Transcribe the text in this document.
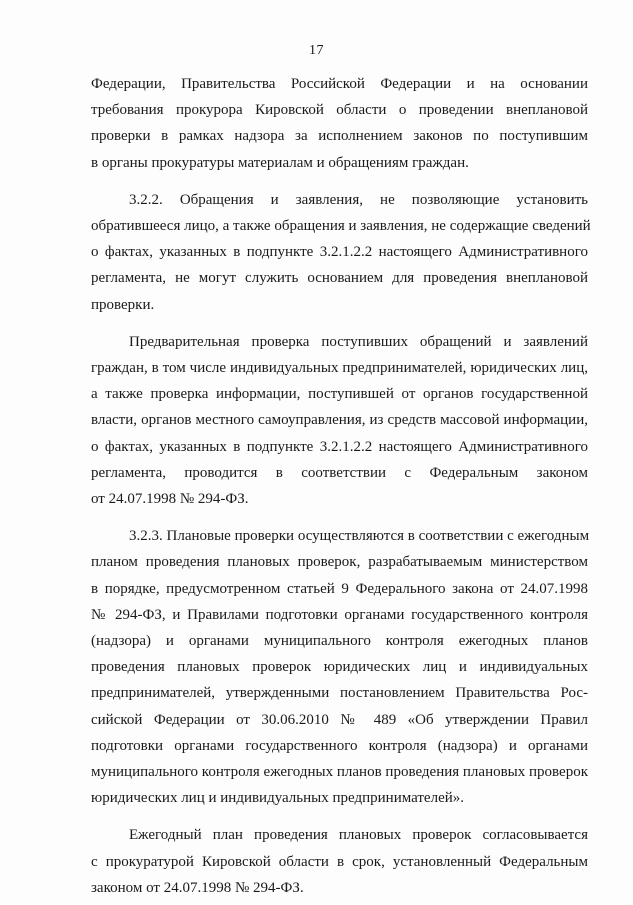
17
Федерации, Правительства Российской Федерации и на основании
требования прокурора Кировской области о проведении внеплановой
проверки в рамках надзора за исполнением законов по поступившим
в органы прокуратуры материалам и обращениям граждан.
3.2.2. Обращения и заявления, не позволяющие установить
обратившееся лицо, а также обращения и заявления, не содержащие сведений
о фактах, указанных в подпункте 3.2.1.2.2 настоящего Административного
регламента, не могут служить основанием для проведения внеплановой
проверки.
Предварительная проверка поступивших обращений и заявлений
граждан, в том числе индивидуальных предпринимателей, юридических лиц,
а также проверка информации, поступившей от органов государственной
власти, органов местного самоуправления, из средств массовой информации,
о фактах, указанных в подпункте 3.2.1.2.2 настоящего Административного
регламента, проводится в соответствии с Федеральным законом
от 24.07.1998 № 294-ФЗ.
3.2.3. Плановые проверки осуществляются в соответствии с ежегодным
планом проведения плановых проверок, разрабатываемым министерством
в порядке, предусмотренном статьей 9 Федерального закона от 24.07.1998
№ 294-ФЗ, и Правилами подготовки органами государственного контроля
(надзора) и органами муниципального контроля ежегодных планов
проведения плановых проверок юридических лиц и индивидуальных
предпринимателей, утвержденными постановлением Правительства Рос-
сийской Федерации от 30.06.2010 № 489 «Об утверждении Правил
подготовки органами государственного контроля (надзора) и органами
муниципального контроля ежегодных планов проведения плановых проверок
юридических лиц и индивидуальных предпринимателей».
Ежегодный план проведения плановых проверок согласовывается
с прокуратурой Кировской области в срок, установленный Федеральным
законом от 24.07.1998 № 294-ФЗ.
